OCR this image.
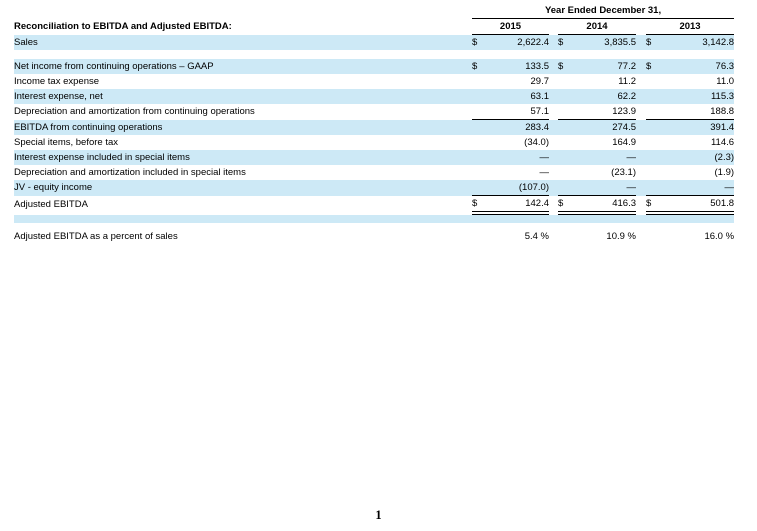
	Year Ended December 31,							
Reconciliation to EBITDA and Adjusted EBITDA:	2015			2014			2013	
Sales	$	2,622.4		$	3,835.5		$	3,142.8

Net income from continuing operations – GAAP	$	133.5		$	77.2		$	76.3
Income tax expense		29.7			11.2			11.0
Interest expense, net		63.1			62.2			115.3
Depreciation and amortization from continuing operations		57.1			123.9			188.8
EBITDA from continuing operations		283.4			274.5			391.4
Special items, before tax		(34.0)			164.9			114.6
Interest expense included in special items		—			—			(2.3)
Depreciation and amortization included in special items		—			(23.1)			(1.9)
JV - equity income		(107.0)			—			—
Adjusted EBITDA	$	142.4		$	416.3		$	501.8

Adjusted EBITDA as a percent of sales		5.4 %			10.9 %			16.0 %
1
